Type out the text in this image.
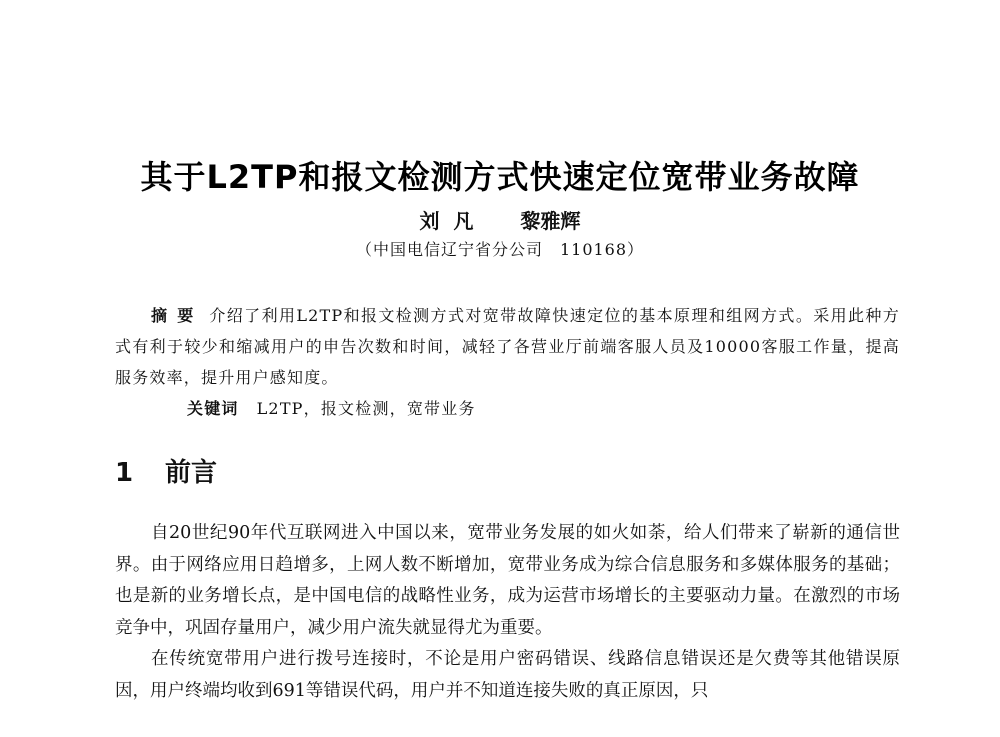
其于L2TP和报文检测方式快速定位宽带业务故障
刘凡 黎雅辉
（中国电信辽宁省分公司　110168）

摘要 介绍了利用L2TP和报文检测方式对宽带故障快速定位的基本原理和组网方式。采用此种方式有利于较少和缩减用户的申告次数和时间，减轻了各营业厅前端客服人员及10000客服工作量，提高服务效率，提升用户感知度。

关键词 L2TP，报文检测，宽带业务

1 前言

自20世纪90年代互联网进入中国以来，宽带业务发展的如火如荼，给人们带来了崭新的通信世界。由于网络应用日趋增多，上网人数不断增加，宽带业务成为综合信息服务和多媒体服务的基础；也是新的业务增长点，是中国电信的战略性业务，成为运营市场增长的主要驱动力量。在激烈的市场竞争中，巩固存量用户，减少用户流失就显得尤为重要。

在传统宽带用户进行拨号连接时，不论是用户密码错误、线路信息错误还是欠费等其他错误原因，用户终端均收到691等错误代码，用户并不知道连接失败的真正原因，只
